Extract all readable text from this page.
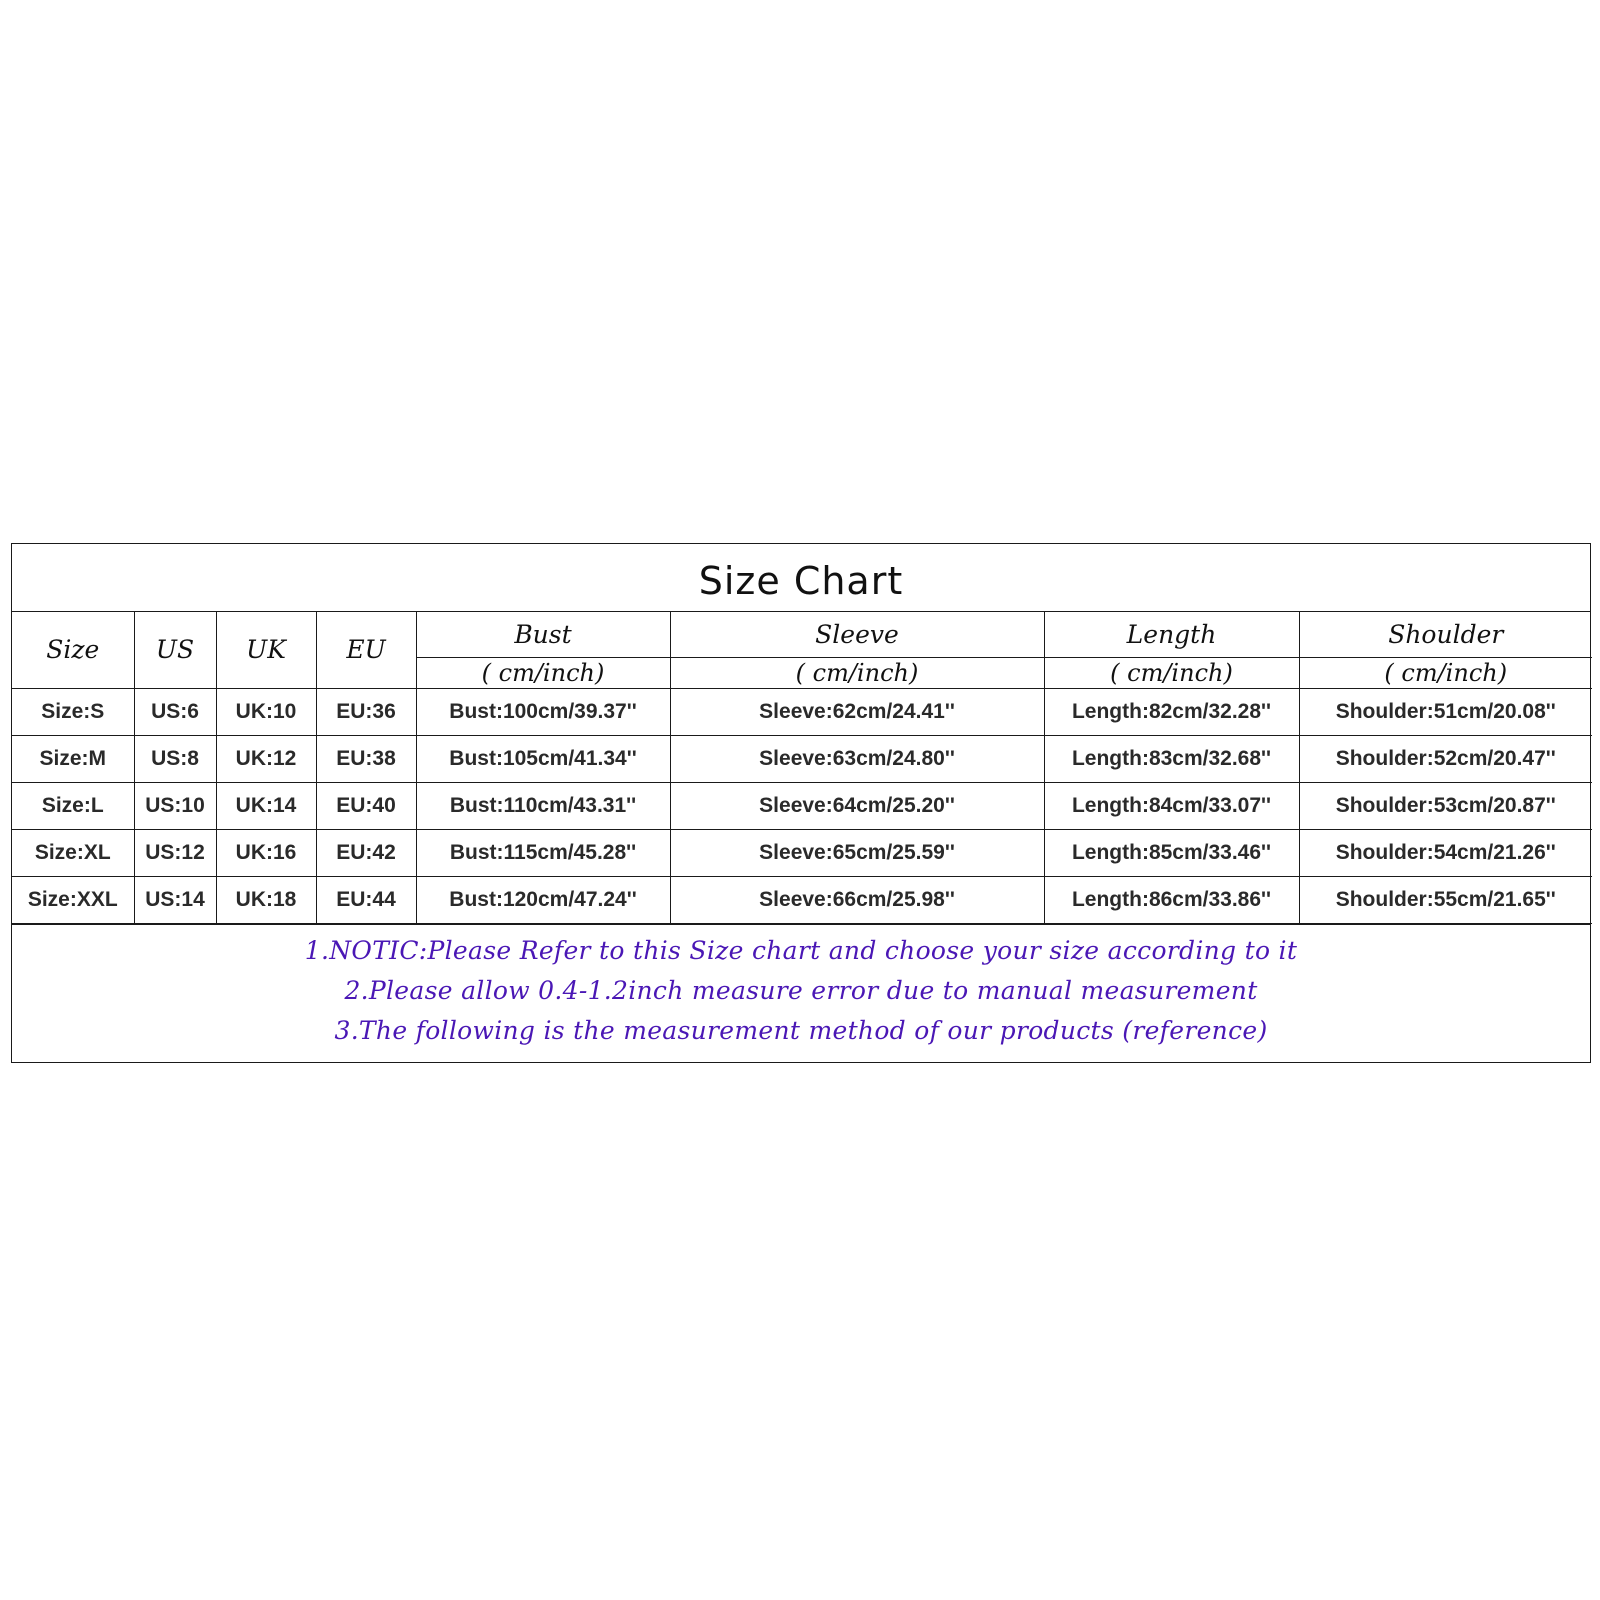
Size Chart
Size	US	UK	EU	Bust	Sleeve	Length	Shoulder
				( cm/inch)	( cm/inch)	( cm/inch)	( cm/inch)
Size:S	US:6	UK:10	EU:36	Bust:100cm/39.37''	Sleeve:62cm/24.41''	Length:82cm/32.28''	Shoulder:51cm/20.08''
Size:M	US:8	UK:12	EU:38	Bust:105cm/41.34''	Sleeve:63cm/24.80''	Length:83cm/32.68''	Shoulder:52cm/20.47''
Size:L	US:10	UK:14	EU:40	Bust:110cm/43.31''	Sleeve:64cm/25.20''	Length:84cm/33.07''	Shoulder:53cm/20.87''
Size:XL	US:12	UK:16	EU:42	Bust:115cm/45.28''	Sleeve:65cm/25.59''	Length:85cm/33.46''	Shoulder:54cm/21.26''
Size:XXL	US:14	UK:18	EU:44	Bust:120cm/47.24''	Sleeve:66cm/25.98''	Length:86cm/33.86''	Shoulder:55cm/21.65''
1.NOTIC:Please Refer to this Size chart and choose your size according to it
2.Please allow 0.4-1.2inch measure error due to manual measurement
3.The following is the measurement method of our products (reference)
